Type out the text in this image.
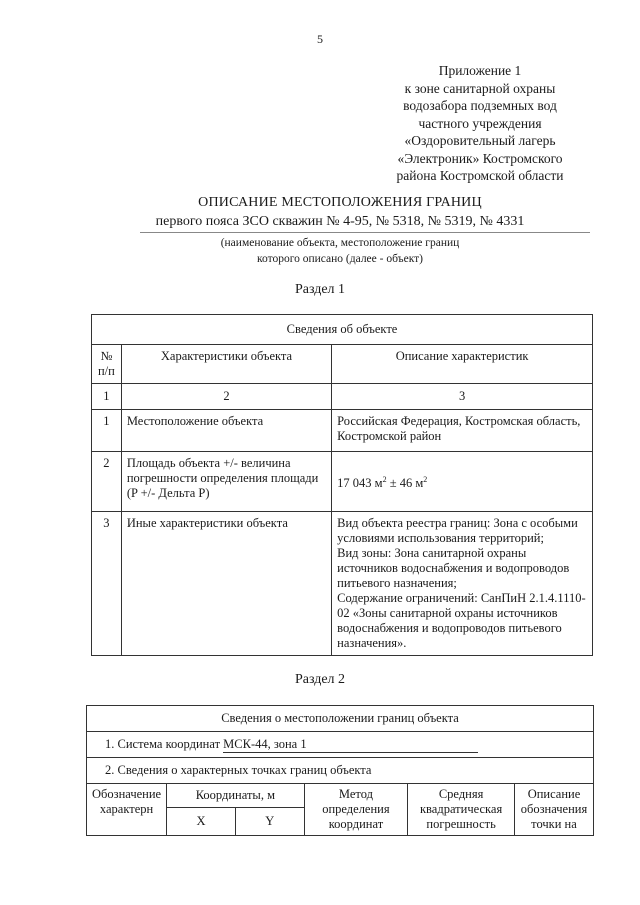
5
Приложение 1
к зоне санитарной охраны
водозабора подземных вод
частного учреждения
«Оздоровительный лагерь
«Электроник» Костромского
района Костромской области
ОПИСАНИЕ МЕСТОПОЛОЖЕНИЯ ГРАНИЦ
первого пояса ЗСО скважин № 4-95, № 5318, № 5319, № 4331
(наименование объекта, местоположение границ
которого описано (далее - объект)
Раздел 1
Сведения об объекте		
№ п/п	Характеристики объекта	Описание характеристик
1	2	3
1	Местоположение объекта	Российская Федерация, Костромская область, Костромской район
2	Площадь объекта +/- величина погрешности определения площади (P +/- Дельта P)	17 043 $м^2 \pm 46$ $м^2$
3	Иные характеристики объекта	Вид объекта реестра границ: Зона с особыми условиями использования территорий;
Вид зоны: Зона санитарной охраны источников водоснабжения и водопроводов питьевого назначения;
Содержание ограничений: СанПиН 2.1.4.1110-02 «Зоны санитарной охраны источников водоснабжения и водопроводов питьевого назначения».
Раздел 2
Сведения о местоположении границ объекта					
1. Система координат МСК-44, зона 1					
2. Сведения о характерных точках границ объекта					
Обозначение характерн	Координаты, м		Метод определения координат	Средняя квадратическая погрешность	Описание обозначения точки на
	X	Y			
